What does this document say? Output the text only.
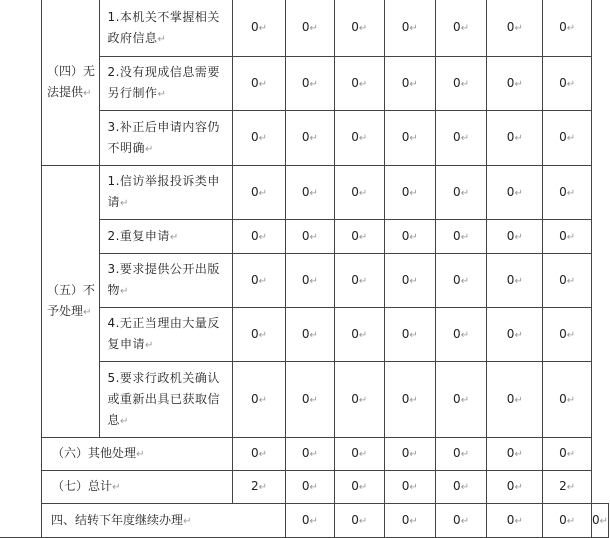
	（四）无法提供↵	1.本机关不掌握相关政府信息↵	0↵	0↵	0↵	0↵	0↵	0↵	0↵	
		2.没有现成信息需要另行制作↵	0↵	0↵	0↵	0↵	0↵	0↵	0↵	
		3.补正后申请内容仍不明确↵	0↵	0↵	0↵	0↵	0↵	0↵	0↵	
	（五）不予处理↵	1.信访举报投诉类申请↵	0↵	0↵	0↵	0↵	0↵	0↵	0↵	
		2.重复申请↵	0↵	0↵	0↵	0↵	0↵	0↵	0↵	
		3.要求提供公开出版物↵	0↵	0↵	0↵	0↵	0↵	0↵	0↵	
		4.无正当理由大量反复申请↵	0↵	0↵	0↵	0↵	0↵	0↵	0↵	
		5.要求行政机关确认或重新出具已获取信息↵	0↵	0↵	0↵	0↵	0↵	0↵	0↵	
	（六）其他处理↵		0↵	0↵	0↵	0↵	0↵	0↵	0↵	
	（七）总计↵		2↵	0↵	0↵	0↵	0↵	0↵	2↵	
	四、结转下年度继续办理↵			0↵	0↵	0↵	0↵	0↵	0↵	0↵
